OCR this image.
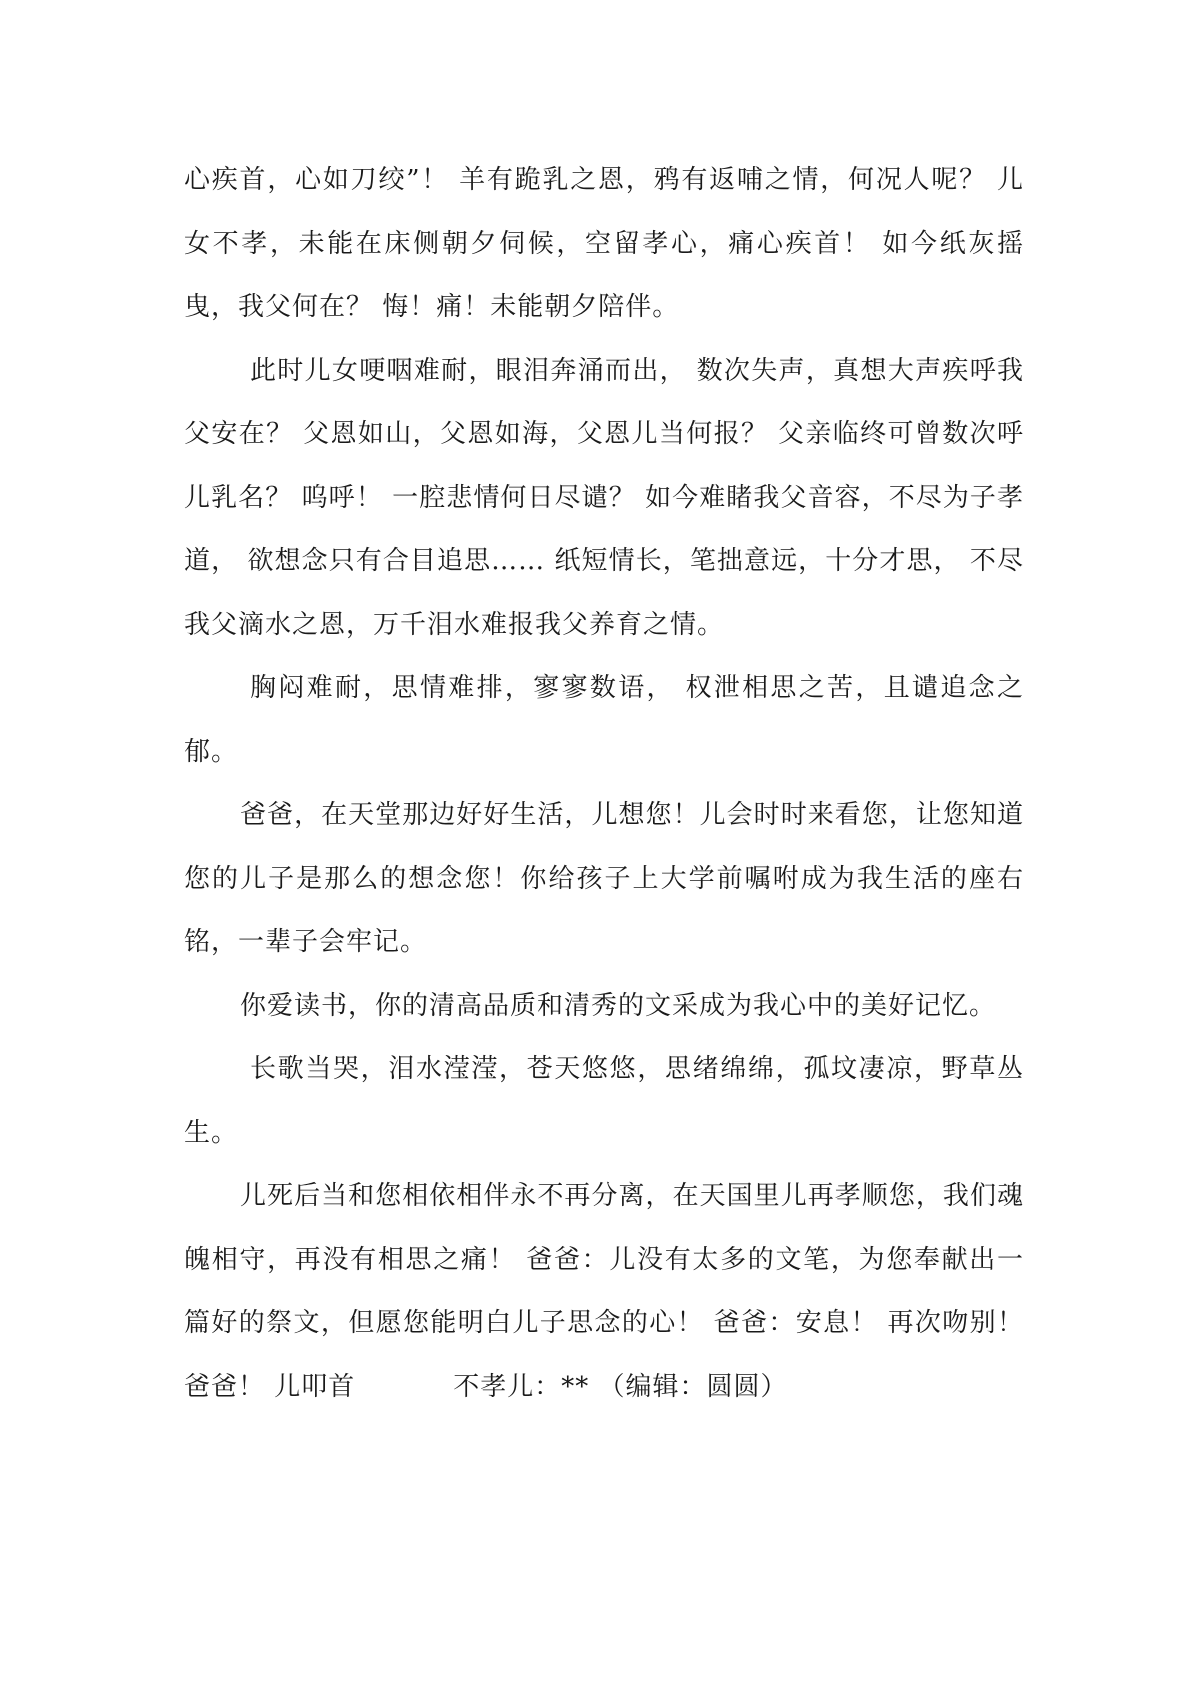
心疾首，心如刀绞”！ 羊有跪乳之恩，鸦有返哺之情，何况人呢？ 儿女不孝，未能在床侧朝夕伺候，空留孝心，痛心疾首！ 如今纸灰摇曳，我父何在？ 悔！痛！未能朝夕陪伴。

此时儿女哽咽难耐，眼泪奔涌而出， 数次失声，真想大声疾呼我父安在？ 父恩如山，父恩如海，父恩儿当何报？ 父亲临终可曾数次呼儿乳名？ 呜呼！ 一腔悲情何日尽谴？ 如今难睹我父音容，不尽为子孝道， 欲想念只有合目追思…… 纸短情长，笔拙意远，十分才思， 不尽我父滴水之恩，万千泪水难报我父养育之情。

胸闷难耐，思情难排，寥寥数语， 权泄相思之苦，且谴追念之郁。

爸爸，在天堂那边好好生活，儿想您！儿会时时来看您，让您知道您的儿子是那么的想念您！你给孩子上大学前嘱咐成为我生活的座右铭，一辈子会牢记。

你爱读书，你的清高品质和清秀的文采成为我心中的美好记忆。

长歌当哭，泪水滢滢，苍天悠悠，思绪绵绵，孤坟凄凉，野草丛生。

儿死后当和您相依相伴永不再分离，在天国里儿再孝顺您，我们魂魄相守，再没有相思之痛！ 爸爸：儿没有太多的文笔，为您奉献出一篇好的祭文，但愿您能明白儿子思念的心！ 爸爸：安息！ 再次吻别！爸爸！ 儿叩首	不孝儿：** （编辑：圆圆）
